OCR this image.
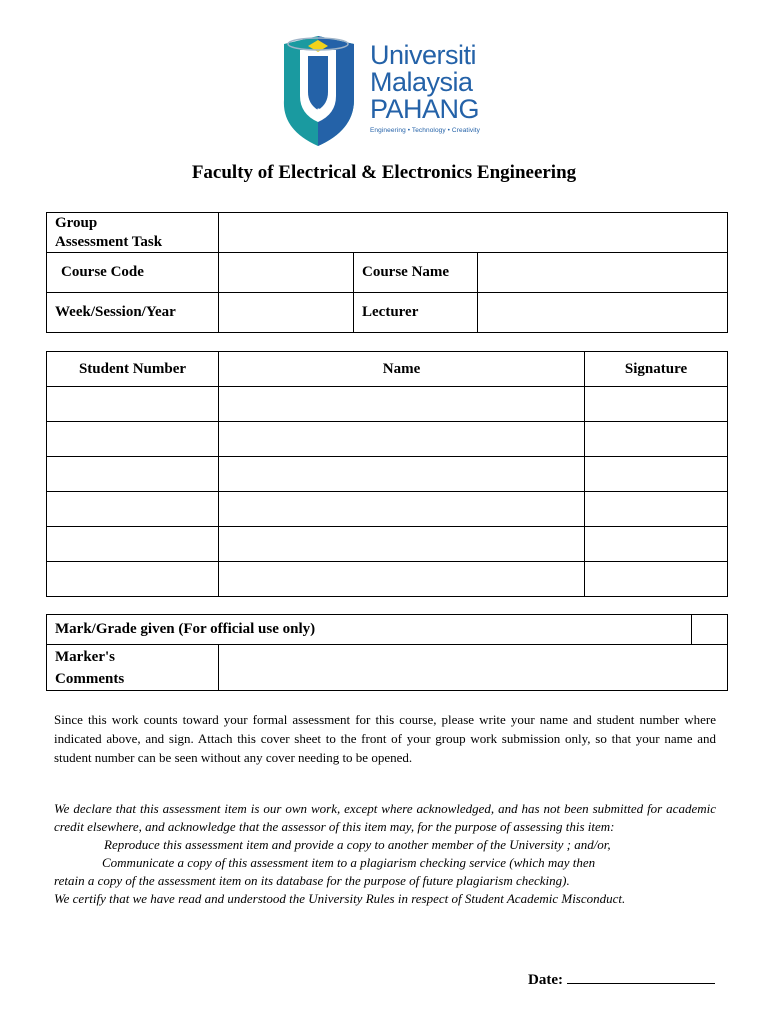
UMP
Universiti
Malaysia
PAHANG
Engineering • Technology • Creativity
Faculty of Electrical & Electronics Engineering
Group
Assessment Task			
Course Code		Course Name	
Week/Session/Year		Lecturer	
Student Number	Name	Signature

Mark/Grade given (For official use only)		
Marker's
Comments		
Since this work counts toward your formal assessment for this course, please write your name and student number where indicated above, and sign. Attach this cover sheet to the front of your group work submission only, so that your name and student number can be seen without any cover needing to be opened.
We declare that this assessment item is our own work, except where acknowledged, and has not been submitted for academic credit elsewhere, and acknowledge that the assessor of this item may, for the purpose of assessing this item:
Reproduce this assessment item and provide a copy to another member of the University ; and/or,
Communicate a copy of this assessment item to a plagiarism checking service (which may then
retain a copy of the assessment item on its database for the purpose of future plagiarism checking).
We certify that we have read and understood the University Rules in respect of Student Academic Misconduct.
Date:
